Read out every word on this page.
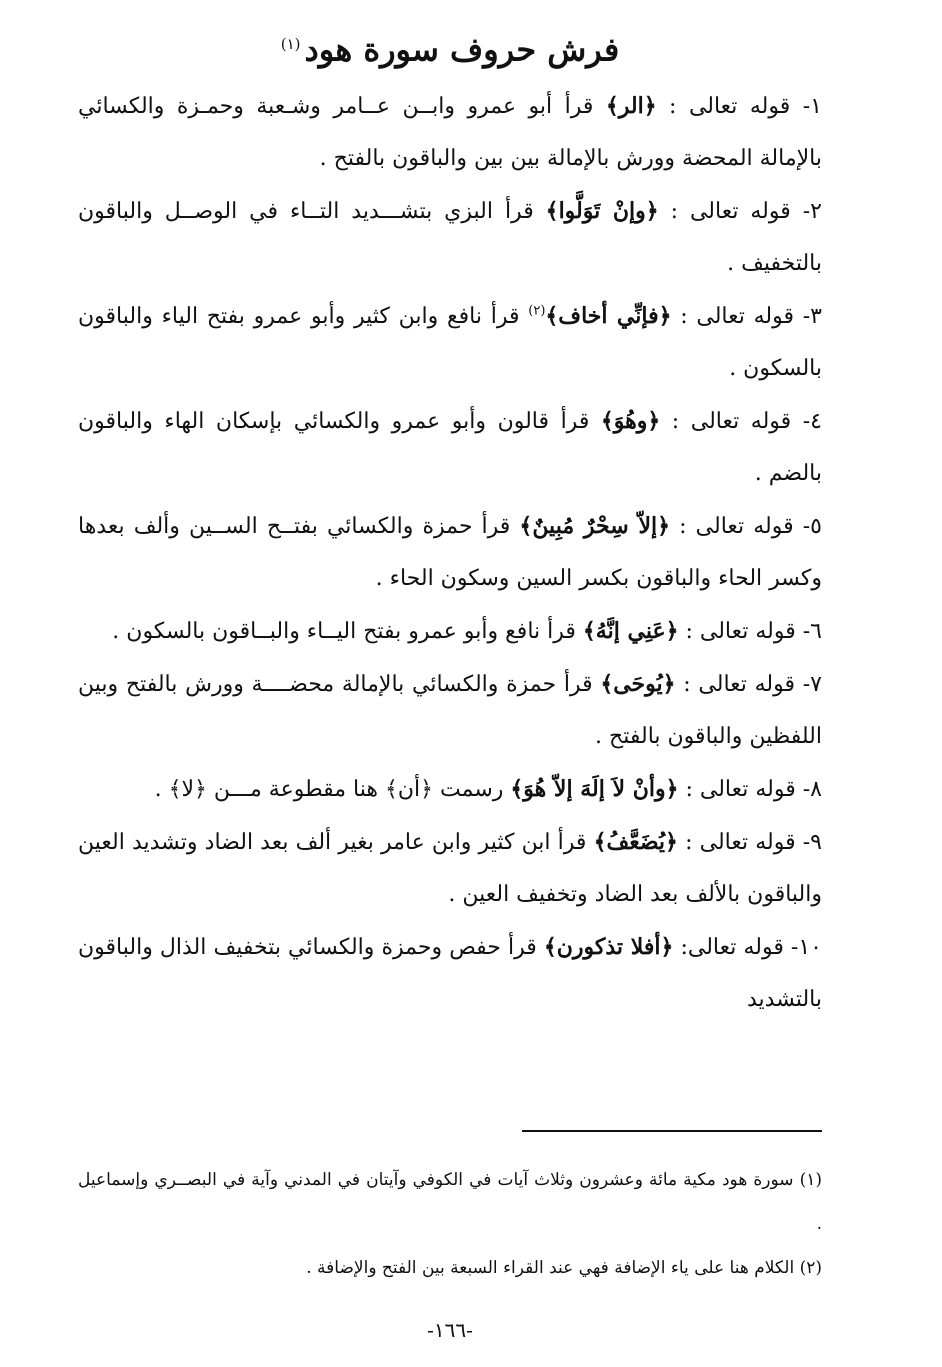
فرش حروف سورة هود$^{(١)}$

١- قوله تعالى : ﴿الر﴾ قرأ أبو عمرو وابــن عــامر وشـعبة وحمـزة والكسائي بالإمالة المحضة وورش بالإمالة بين بين والباقون بالفتح .

٢- قوله تعالى : ﴿وإنْ تَوَلَّوا﴾ قرأ البزي بتشـــديد التــاء في الوصــل والباقون بالتخفيف .

٣- قوله تعالى : ﴿فإنِّي أخاف﴾$^{(٢)}$ قرأ نافع وابن كثير وأبو عمرو بفتح الياء والباقون بالسكون .

٤- قوله تعالى : ﴿وهُوَ﴾ قرأ قالون وأبو عمرو والكسائي بإسكان الهاء والباقون بالضم .

٥- قوله تعالى : ﴿إلاّ سِحْرٌ مُبِينٌ﴾ قرأ حمزة والكسائي بفتــح الســين وألف بعدها وكسر الحاء والباقون بكسر السين وسكون الحاء .

٦- قوله تعالى : ﴿عَنِي إنَّهُ﴾ قرأ نافع وأبو عمرو بفتح اليــاء والبــاقون بالسكون .

٧- قوله تعالى : ﴿يُوحَى﴾ قرأ حمزة والكسائي بالإمالة محضــــة وورش بالفتح وبين اللفظين والباقون بالفتح .

٨- قوله تعالى : ﴿وأنْ لاَ إلَهَ إلاّ هُوَ﴾ رسمت ﴿أن﴾ هنا مقطوعة مـــن ﴿لا﴾ .

٩- قوله تعالى : ﴿يُضَعَّفُ﴾ قرأ ابن كثير وابن عامر بغير ألف بعد الضاد وتشديد العين والباقون بالألف بعد الضاد وتخفيف العين .

١٠- قوله تعالى: ﴿أفلا تذكورن﴾ قرأ حفص وحمزة والكسائي بتخفيف الذال والباقون بالتشديد

(١) سورة هود مكية مائة وعشرون وثلاث آيات في الكوفي وآيتان في المدني وآية في البصــري وإسماعيل .

(٢) الكلام هنا على ياء الإضافة فهي عند القراء السبعة بين الفتح والإضافة .

-١٦٦-
